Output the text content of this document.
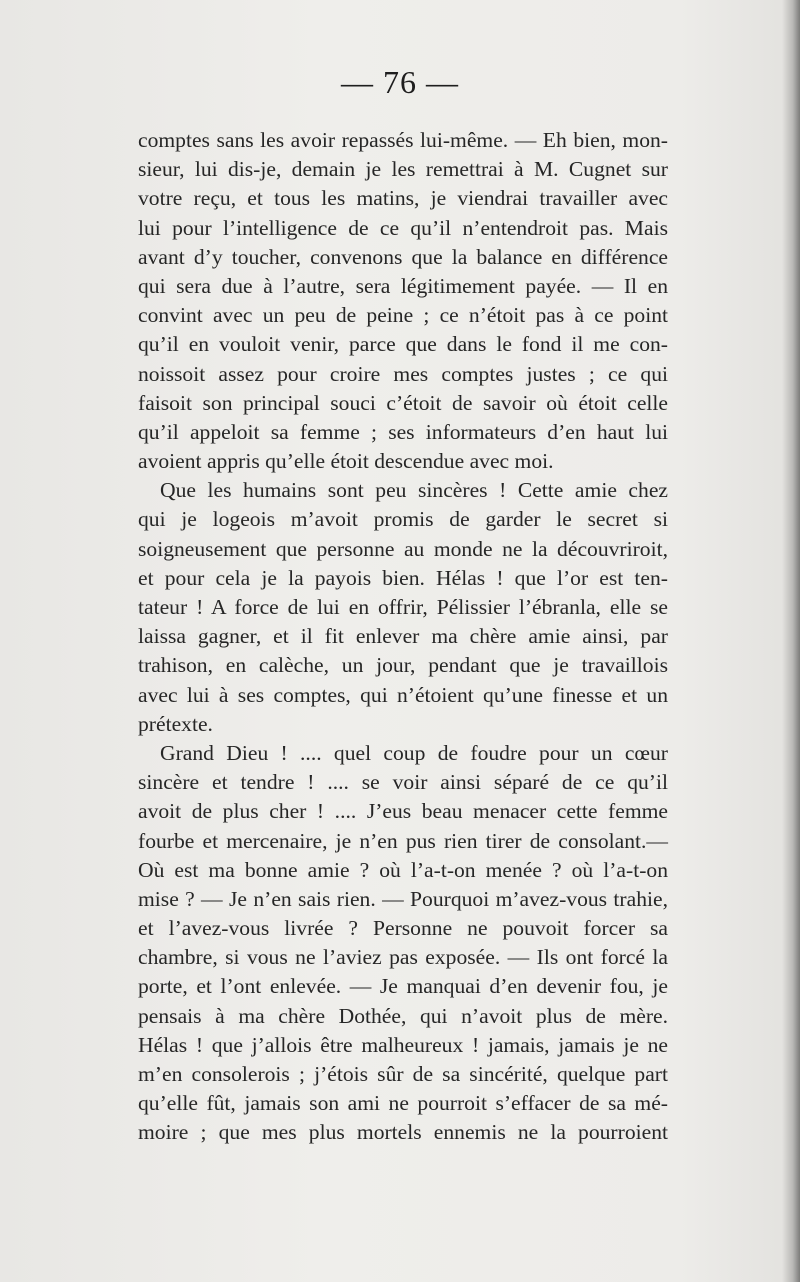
— 76 —
comptes sans les avoir repassés lui-même. — Eh bien, mon-
sieur, lui dis-je, demain je les remettrai à M. Cugnet sur
votre reçu, et tous les matins, je viendrai travailler avec
lui pour l’intelligence de ce qu’il n’entendroit pas. Mais
avant d’y toucher, convenons que la balance en différence
qui sera due à l’autre, sera légitimement payée. — Il en
convint avec un peu de peine ; ce n’étoit pas à ce point
qu’il en vouloit venir, parce que dans le fond il me con-
noissoit assez pour croire mes comptes justes ; ce qui
faisoit son principal souci c’étoit de savoir où étoit celle
qu’il appeloit sa femme ; ses informateurs d’en haut lui
avoient appris qu’elle étoit descendue avec moi.
Que les humains sont peu sincères ! Cette amie chez
qui je logeois m’avoit promis de garder le secret si
soigneusement que personne au monde ne la découvriroit,
et pour cela je la payois bien. Hélas ! que l’or est ten-
tateur ! A force de lui en offrir, Pélissier l’ébranla, elle se
laissa gagner, et il fit enlever ma chère amie ainsi, par
trahison, en calèche, un jour, pendant que je travaillois
avec lui à ses comptes, qui n’étoient qu’une finesse et un
prétexte.
Grand Dieu ! .... quel coup de foudre pour un cœur
sincère et tendre ! .... se voir ainsi séparé de ce qu’il
avoit de plus cher ! .... J’eus beau menacer cette femme
fourbe et mercenaire, je n’en pus rien tirer de consolant.—
Où est ma bonne amie ? où l’a-t-on menée ? où l’a-t-on
mise ? — Je n’en sais rien. — Pourquoi m’avez-vous trahie,
et l’avez-vous livrée ? Personne ne pouvoit forcer sa
chambre, si vous ne l’aviez pas exposée. — Ils ont forcé la
porte, et l’ont enlevée. — Je manquai d’en devenir fou, je
pensais à ma chère Dothée, qui n’avoit plus de mère.
Hélas ! que j’allois être malheureux ! jamais, jamais je ne
m’en consolerois ; j’étois sûr de sa sincérité, quelque part
qu’elle fût, jamais son ami ne pourroit s’effacer de sa mé-
moire ; que mes plus mortels ennemis ne la pourroient
